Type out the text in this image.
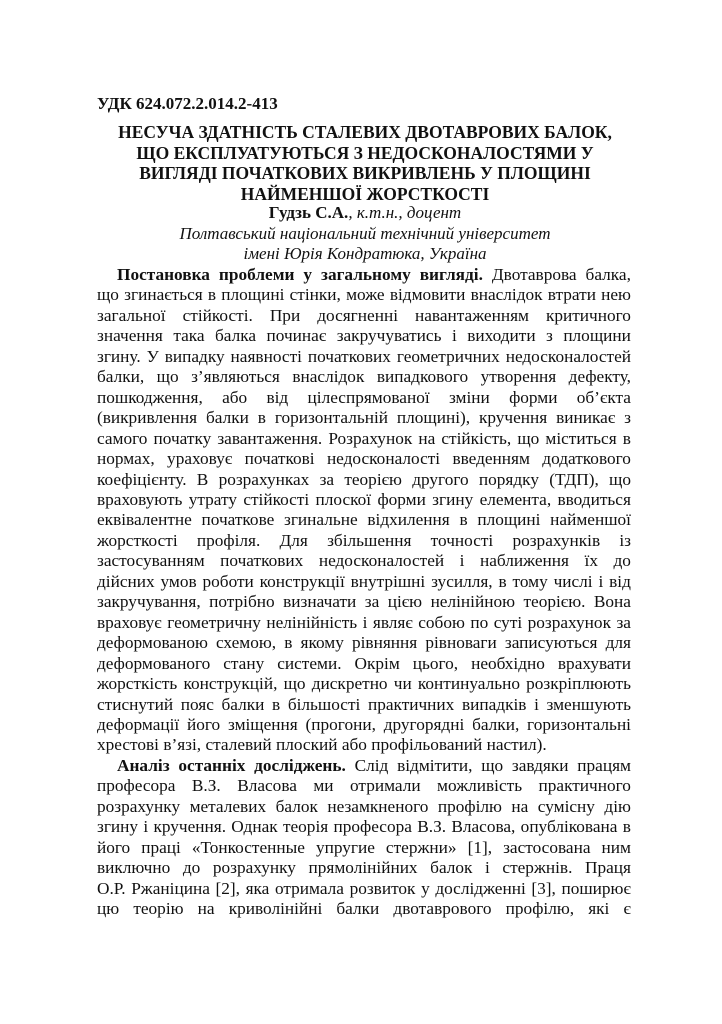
УДК 624.072.2.014.2-413
НЕСУЧА ЗДАТНІСТЬ СТАЛЕВИХ ДВОТАВРОВИХ БАЛОК,
ЩО ЕКСПЛУАТУЮТЬСЯ З НЕДОСКОНАЛОСТЯМИ У
ВИГЛЯДІ ПОЧАТКОВИХ ВИКРИВЛЕНЬ У ПЛОЩИНІ
НАЙМЕНШОЇ ЖОРСТКОСТІ
Гудзь С.А., к.т.н., доцент
Полтавський національний технічний університет
імені Юрія Кондратюка, Україна
Постановка проблеми у загальному вигляді. Двотаврова балка,
що згинається в площині стінки, може відмовити внаслідок втрати нею
загальної стійкості. При досягненні навантаженням критичного
значення така балка починає закручуватись і виходити з площини
згину. У випадку наявності початкових геометричних недосконалостей
балки, що з’являються внаслідок випадкового утворення дефекту,
пошкодження, або від цілеспрямованої зміни форми об’єкта
(викривлення балки в горизонтальній площині), кручення виникає з
самого початку завантаження. Розрахунок на стійкість, що міститься в
нормах, ураховує початкові недосконалості введенням додаткового
коефіцієнту. В розрахунках за теорією другого порядку (ТДП), що
враховують утрату стійкості плоскої форми згину елемента, вводиться
еквівалентне початкове згинальне відхилення в площині найменшої
жорсткості профіля. Для збільшення точності розрахунків із
застосуванням початкових недосконалостей і наближення їх до
дійсних умов роботи конструкції внутрішні зусилля, в тому числі і від
закручування, потрібно визначати за цією нелінійною теорією. Вона
враховує геометричну нелінійність і являє собою по суті розрахунок за
деформованою схемою, в якому рівняння рівноваги записуються для
деформованого стану системи. Окрім цього, необхідно врахувати
жорсткість конструкцій, що дискретно чи континуально розкріплюють
стиснутий пояс балки в більшості практичних випадків і зменшують
деформації його зміщення (прогони, другорядні балки, горизонтальні
хрестові в’язі, сталевий плоский або профільований настил).
Аналіз останніх досліджень. Слід відмітити, що завдяки працям
професора В.З. Власова ми отримали можливість практичного
розрахунку металевих балок незамкненого профілю на сумісну дію
згину і кручення. Однак теорія професора В.З. Власова, опублікована в
його праці «Тонкостенные упругие стержни» [1], застосована ним
виключно до розрахунку прямолінійних балок і стержнів. Праця
О.Р. Ржаніцина [2], яка отримала розвиток у дослідженні [3], поширює
цю теорію на криволінійні балки двотаврового профілю, які є
